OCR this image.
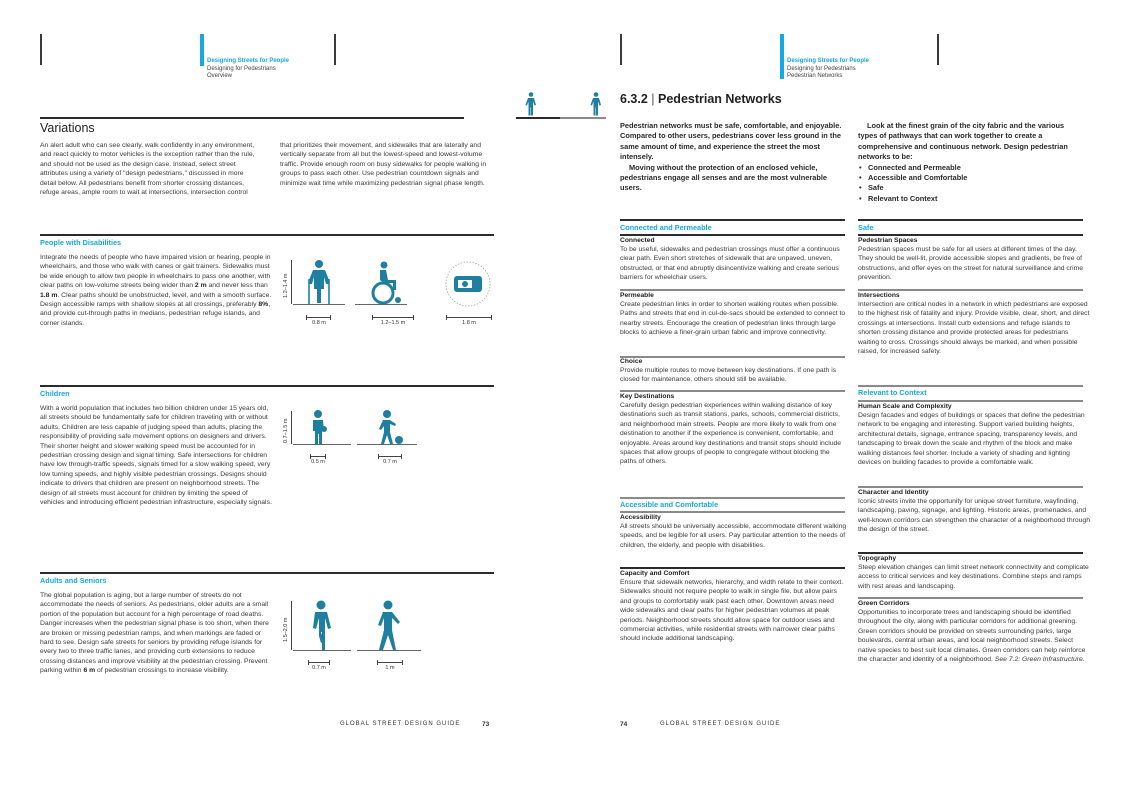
Designing Streets for People
Designing for Pedestrians
Overview
Variations

An alert adult who can see clearly, walk confidently in any environment, and react quickly to motor vehicles is the exception rather than the rule, and should not be used as the design case. Instead, select street attributes using a variety of "design pedestrians," discussed in more detail below. All pedestrians benefit from shorter crossing distances, refuge areas, ample room to wait at intersections, intersection control

that prioritizes their movement, and sidewalks that are laterally and vertically separate from all but the lowest-speed and lowest-volume traffic. Provide enough room on busy sidewalks for people walking in groups to pass each other. Use pedestrian countdown signals and minimize wait time while maximizing pedestrian signal phase length.

People with Disabilities

Integrate the needs of people who have impaired vision or hearing, people in wheelchairs, and those who walk with canes or gait trainers. Sidewalks must be wide enough to allow two people in wheelchairs to pass one another, with clear paths on low-volume streets being wider than 2 m and never less than 1.8 m. Clear paths should be unobstructed, level, and with a smooth surface. Design accessible ramps with shallow slopes at all crossings, preferably 8%, and provide cut-through paths in medians, pedestrian refuge islands, and corner islands.

1.2–1.4 m
0.8 m	1.2–1.5 m	1.8 m

Children

With a world population that includes two billion children under 15 years old, all streets should be fundamentally safe for children traveling with or without adults. Children are less capable of judging speed than adults, placing the responsibility of providing safe movement options on designers and drivers. Their shorter height and slower walking speed must be accounted for in pedestrian crossing design and signal timing. Safe intersections for children have low through-traffic speeds, signals timed for a slow walking speed, very low turning speeds, and highly visible pedestrian crossings. Designs should indicate to drivers that children are present on neighborhood streets. The design of all streets must account for children by limiting the speed of vehicles and introducing efficient pedestrian infrastructure, especially signals.

0.7–1.5 m
0.5 m	0.7 m

Adults and Seniors

The global population is aging, but a large number of streets do not accommodate the needs of seniors. As pedestrians, older adults are a small portion of the population but account for a high percentage of road deaths. Danger increases when the pedestrian signal phase is too short, when there are broken or missing pedestrian ramps, and when markings are faded or hard to see. Design safe streets for seniors by providing refuge islands for every two to three traffic lanes, and providing curb extensions to reduce crossing distances and improve visibility at the pedestrian crossing. Prevent parking within 6 m of pedestrian crossings to increase visibility.

1.5–2.0 m
0.7 m	1 m
GLOBAL STREET DESIGN GUIDE	73
Designing Streets for People
Designing for Pedestrians
Pedestrian Networks
6.3.2 | Pedestrian Networks

Pedestrian networks must be safe, comfortable, and enjoyable. Compared to other users, pedestrians cover less ground in the same amount of time, and experience the street the most intensely.

Moving without the protection of an enclosed vehicle, pedestrians engage all senses and are the most vulnerable users.

Look at the finest grain of the city fabric and the various types of pathways that can work together to create a comprehensive and continuous network. Design pedestrian networks to be:

• Connected and Permeable
• Accessible and Comfortable
• Safe
• Relevant to Context

Connected and Permeable

Connected

To be useful, sidewalks and pedestrian crossings must offer a continuous clear path. Even short stretches of sidewalk that are unpaved, uneven, obstructed, or that end abruptly disincentivize walking and create serious barriers for wheelchair users.

Permeable

Create pedestrian links in order to shorten walking routes when possible. Paths and streets that end in cul-de-sacs should be extended to connect to nearby streets. Encourage the creation of pedestrian links through large blocks to achieve a finer-grain urban fabric and improve connectivity.

Choice

Provide multiple routes to move between key destinations. If one path is closed for maintenance, others should still be available.

Key Destinations

Carefully design pedestrian experiences within walking distance of key destinations such as transit stations, parks, schools, commercial districts, and neighborhood main streets. People are more likely to walk from one destination to another if the experience is convenient, comfortable, and enjoyable. Areas around key destinations and transit stops should include spaces that allow groups of people to congregate without blocking the paths of others.

Accessible and Comfortable

Accessibility

All streets should be universally accessible, accommodate different walking speeds, and be legible for all users. Pay particular attention to the needs of children, the elderly, and people with disabilities.

Capacity and Comfort

Ensure that sidewalk networks, hierarchy, and width relate to their context. Sidewalks should not require people to walk in single file, but allow pairs and groups to comfortably walk past each other. Downtown areas need wide sidewalks and clear paths for higher pedestrian volumes at peak periods. Neighborhood streets should allow space for outdoor uses and commercial activities, while residential streets with narrower clear paths should include additional landscaping.

Safe

Pedestrian Spaces

Pedestrian spaces must be safe for all users at different times of the day. They should be well-lit, provide accessible slopes and gradients, be free of obstructions, and offer eyes on the street for natural surveillance and crime prevention.

Intersections

Intersection are critical nodes in a network in which pedestrians are exposed to the highest risk of fatality and injury. Provide visible, clear, short, and direct crossings at intersections. Install curb extensions and refuge islands to shorten crossing distance and provide protected areas for pedestrians waiting to cross. Crossings should always be marked, and when possible raised, for increased safety.

Relevant to Context

Human Scale and Complexity

Design facades and edges of buildings or spaces that define the pedestrian network to be engaging and interesting. Support varied building heights, architectural details, signage, entrance spacing, transparency levels, and landscaping to break down the scale and rhythm of the block and make walking distances feel shorter. Include a variety of shading and lighting devices on building facades to provide a comfortable walk.

Character and Identity

Iconic streets invite the opportunity for unique street furniture, wayfinding, landscaping, paving, signage, and lighting. Historic areas, promenades, and well-known corridors can strengthen the character of a neighborhood through the design of the street.

Topography

Steep elevation changes can limit street network connectivity and complicate access to critical services and key destinations. Combine steps and ramps with rest areas and landscaping.

Green Corridors

Opportunities to incorporate trees and landscaping should be identified throughout the city, along with particular corridors for additional greening. Green corridors should be provided on streets surrounding parks, large boulevards, central urban areas, and local neighborhood streets. Select native species to best suit local climates. Green corridors can help reinforce the character and identity of a neighborhood. See 7.2: Green Infrastructure.

74	GLOBAL STREET DESIGN GUIDE
